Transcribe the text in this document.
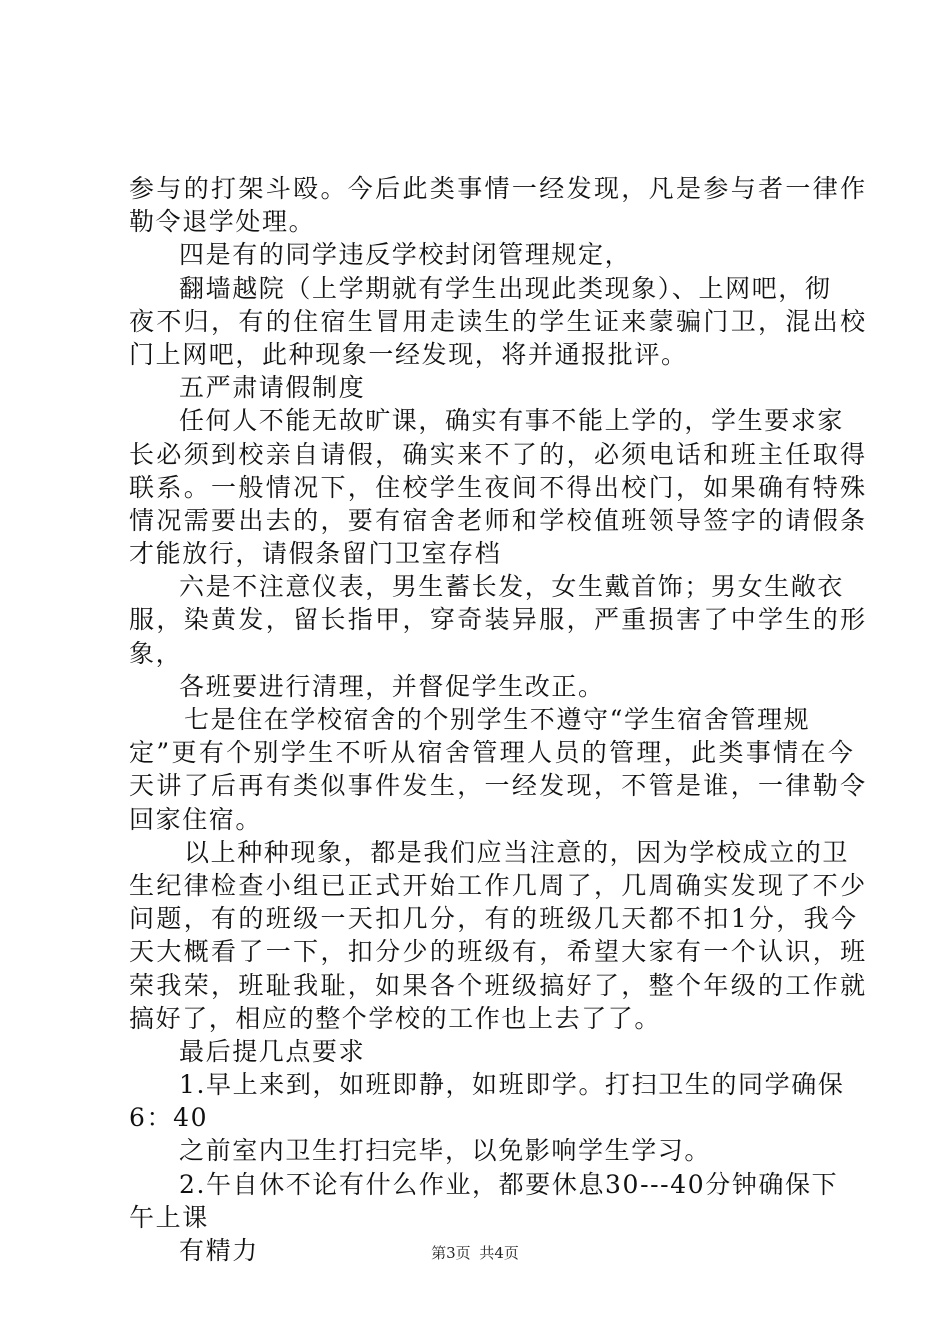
参与的打架斗殴。今后此类事情一经发现，凡是参与者一律作
勒令退学处理。
四是有的同学违反学校封闭管理规定，
翻墙越院（上学期就有学生出现此类现象）、上网吧，彻
夜不归，有的住宿生冒用走读生的学生证来蒙骗门卫，混出校
门上网吧，此种现象一经发现，将并通报批评。
五严肃请假制度
任何人不能无故旷课，确实有事不能上学的，学生要求家
长必须到校亲自请假，确实来不了的，必须电话和班主任取得
联系。一般情况下，住校学生夜间不得出校门，如果确有特殊
情况需要出去的，要有宿舍老师和学校值班领导签字的请假条
才能放行，请假条留门卫室存档
六是不注意仪表，男生蓄长发，女生戴首饰；男女生敞衣
服，染黄发，留长指甲，穿奇装异服，严重损害了中学生的形
象，
各班要进行清理，并督促学生改正。
七是住在学校宿舍的个别学生不遵守“学生宿舍管理规
定”更有个别学生不听从宿舍管理人员的管理，此类事情在今
天讲了后再有类似事件发生，一经发现，不管是谁，一律勒令
回家住宿。
以上种种现象，都是我们应当注意的，因为学校成立的卫
生纪律检查小组已正式开始工作几周了，几周确实发现了不少
问题，有的班级一天扣几分，有的班级几天都不扣1分，我今
天大概看了一下，扣分少的班级有，希望大家有一个认识，班
荣我荣，班耻我耻，如果各个班级搞好了，整个年级的工作就
搞好了，相应的整个学校的工作也上去了了。
最后提几点要求
1.早上来到，如班即静，如班即学。打扫卫生的同学确保
6：40
之前室内卫生打扫完毕，以免影响学生学习。
2.午自休不论有什么作业，都要休息30---40分钟确保下
午上课
有精力	第3页 共4页
